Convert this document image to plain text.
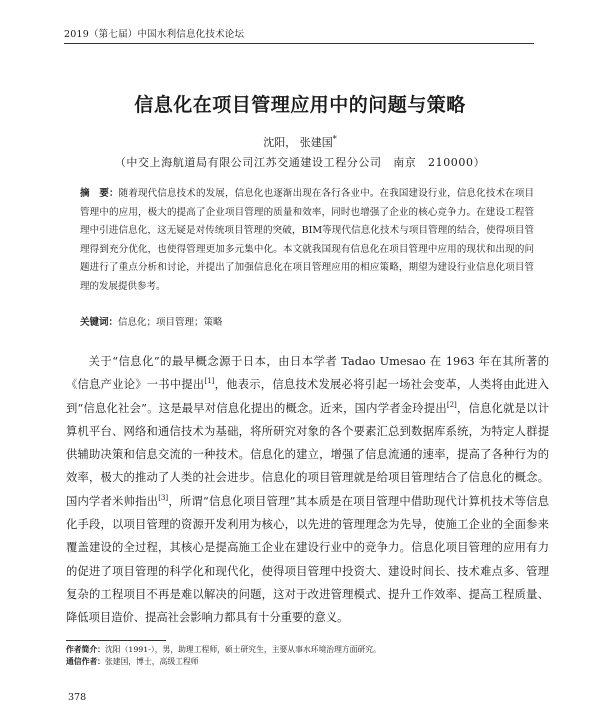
2019（第七届）中国水利信息化技术论坛
信息化在项目管理应用中的问题与策略
沈阳， 张建国*
（中交上海航道局有限公司江苏交通建设工程分公司　南京　210000）
摘　要：随着现代信息技术的发展，信息化也逐渐出现在各行各业中。在我国建设行业，信息化技术在项目管理中的应用，极大的提高了企业项目管理的质量和效率，同时也增强了企业的核心竞争力。在建设工程管理中引进信息化，这无疑是对传统项目管理的突破，BIM等现代信息化技术与项目管理的结合，使得项目管理得到充分优化，也使得管理更加多元集中化。本文就我国现有信息化在项目管理中应用的现状和出现的问题进行了重点分析和讨论，并提出了加强信息化在项目管理应用的相应策略，期望为建设行业信息化项目管理的发展提供参考。
关键词：信息化；项目管理；策略
关于“信息化”的最早概念源于日本，由日本学者 Tadao Umesao 在 1963 年在其所著的《信息产业论》一书中提出[1]，他表示，信息技术发展必将引起一场社会变革，人类将由此进入到“信息化社会”。这是最早对信息化提出的概念。近来，国内学者金玲提出[2]，信息化就是以计算机平台、网络和通信技术为基础，将所研究对象的各个要素汇总到数据库系统，为特定人群提供辅助决策和信息交流的一种技术。信息化的建立，增强了信息流通的速率，提高了各种行为的效率，极大的推动了人类的社会进步。信息化的项目管理就是给项目管理结合了信息化的概念。国内学者米帅指出[3]，所谓“信息化项目管理”其本质是在项目管理中借助现代计算机技术等信息化手段，以项目管理的资源开发利用为核心，以先进的管理理念为先导，使施工企业的全面参来覆盖建设的全过程，其核心是提高施工企业在建设行业中的竞争力。信息化项目管理的应用有力的促进了项目管理的科学化和现代化，使得项目管理中投资大、建设时间长、技术难点多、管理复杂的工程项目不再是难以解决的问题，这对于改进管理模式、提升工作效率、提高工程质量、降低项目造价、提高社会影响力都具有十分重要的意义。
作者简介：沈阳（1991-），男，助理工程师，硕士研究生，主要从事水环境治理方面研究。
通信作者：张建国，博士，高级工程师
378
